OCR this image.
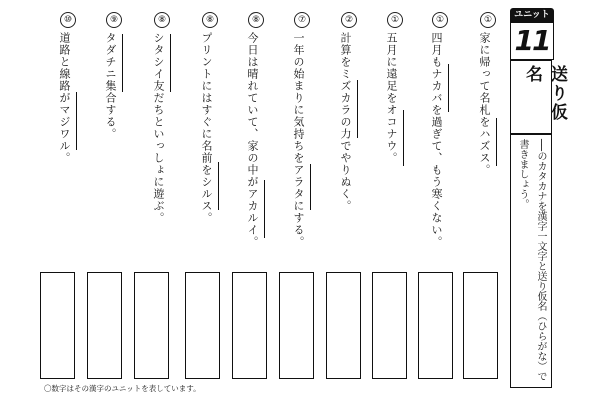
ユニット
11
送り仮名
──のカタカナを漢字一文字と送り仮名（ひらがな）で書きましょう。
①
家に帰って名札をハズス。
①
四月もナカバを過ぎて、もう寒くない。
①
五月に遠足をオコナウ。
②
計算をミズカラの力でやりぬく。
⑦
一年の始まりに気持ちをアラタにする。
⑧
今日は晴れていて、家の中がアカルイ。
⑧
プリントにはすぐに名前をシルス。
⑧
シタシイ友だちといっしょに遊ぶ。
⑨
タダチニ集合する。
⑩
道路と線路がマジワル。
〇数字はその漢字のユニットを表しています。
